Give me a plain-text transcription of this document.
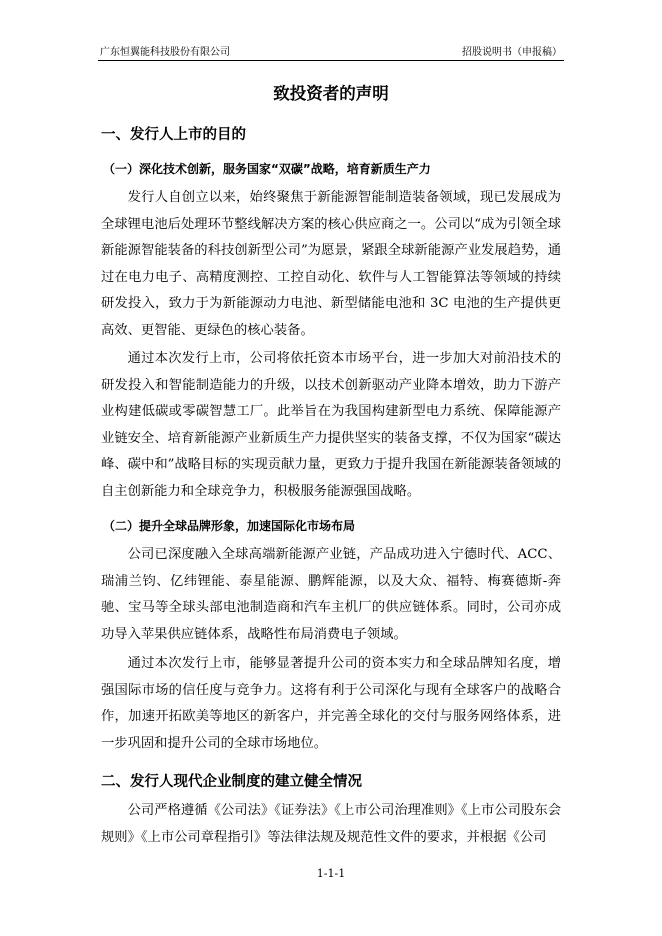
广东恒翼能科技股份有限公司	招股说明书（申报稿）
致投资者的声明
一、发行人上市的目的
（一）深化技术创新，服务国家“双碳”战略，培育新质生产力
发行人自创立以来，始终聚焦于新能源智能制造装备领域，现已发展成为全球锂电池后处理环节整线解决方案的核心供应商之一。公司以“成为引领全球新能源智能装备的科技创新型公司”为愿景，紧跟全球新能源产业发展趋势，通过在电力电子、高精度测控、工控自动化、软件与人工智能算法等领域的持续研发投入，致力于为新能源动力电池、新型储能电池和 3C 电池的生产提供更高效、更智能、更绿色的核心装备。
通过本次发行上市，公司将依托资本市场平台，进一步加大对前沿技术的研发投入和智能制造能力的升级，以技术创新驱动产业降本增效，助力下游产业构建低碳或零碳智慧工厂。此举旨在为我国构建新型电力系统、保障能源产业链安全、培育新能源产业新质生产力提供坚实的装备支撑，不仅为国家“碳达峰、碳中和”战略目标的实现贡献力量，更致力于提升我国在新能源装备领域的自主创新能力和全球竞争力，积极服务能源强国战略。
（二）提升全球品牌形象，加速国际化市场布局
公司已深度融入全球高端新能源产业链，产品成功进入宁德时代、ACC、瑞浦兰钧、亿纬锂能、泰星能源、鹏辉能源，以及大众、福特、梅赛德斯-奔驰、宝马等全球头部电池制造商和汽车主机厂的供应链体系。同时，公司亦成功导入苹果供应链体系，战略性布局消费电子领域。
通过本次发行上市，能够显著提升公司的资本实力和全球品牌知名度，增强国际市场的信任度与竞争力。这将有利于公司深化与现有全球客户的战略合作，加速开拓欧美等地区的新客户，并完善全球化的交付与服务网络体系，进一步巩固和提升公司的全球市场地位。
二、发行人现代企业制度的建立健全情况
公司严格遵循《公司法》《证券法》《上市公司治理准则》《上市公司股东会规则》《上市公司章程指引》等法律法规及规范性文件的要求，并根据《公司
1-1-1
